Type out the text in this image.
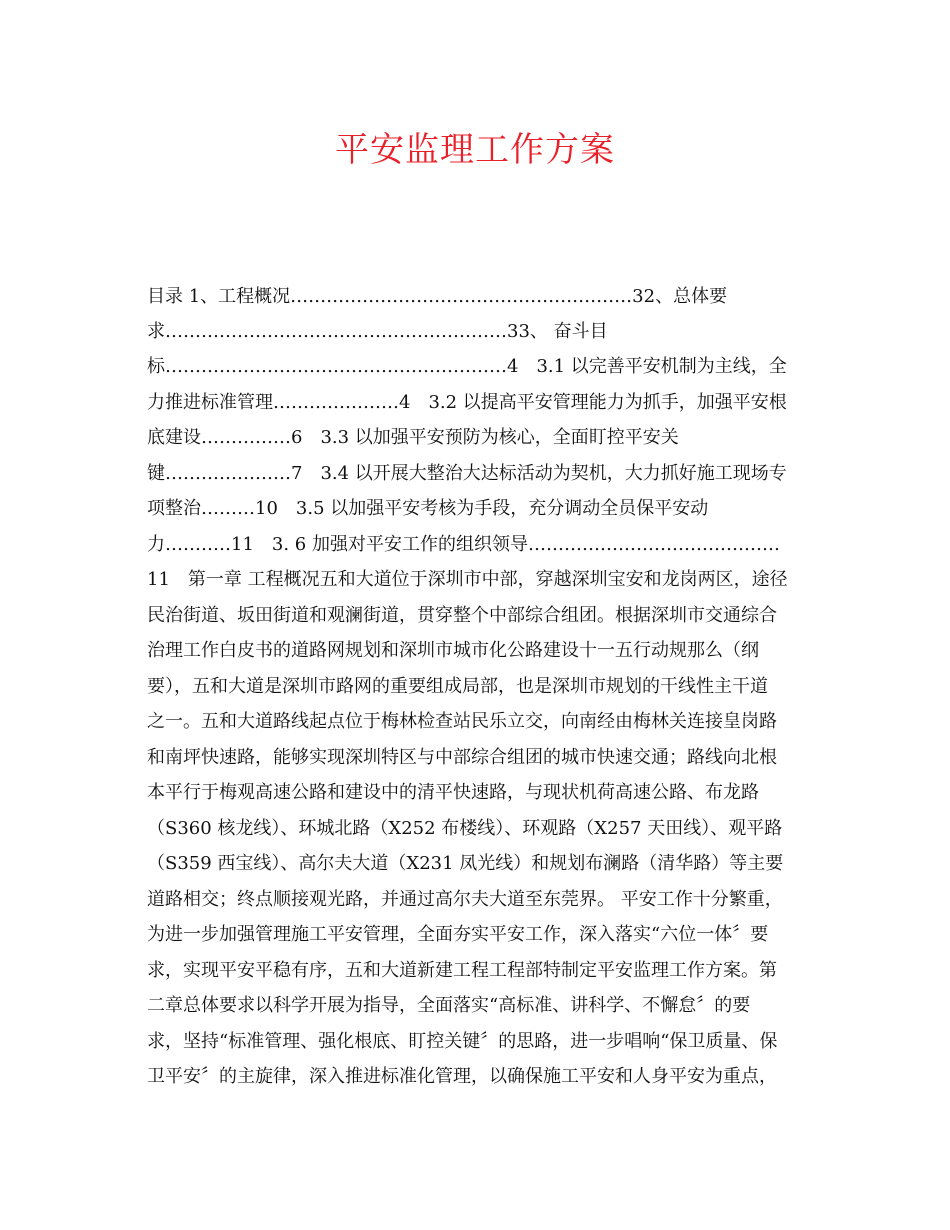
平安监理工作方案
目录 1、工程概况…………………………………………………32、总体要
求…………………………………………………33、 奋斗目
标…………………………………………………4　3.1 以完善平安机制为主线，全
力推进标准管理…………………4　3.2 以提高平安管理能力为抓手，加强平安根
底建设……………6　3.3 以加强平安预防为核心，全面盯控平安关
键…………………7　3.4 以开展大整治大达标活动为契机，大力抓好施工现场专
项整治………10　3.5 以加强平安考核为手段，充分调动全员保平安动
力………‥11　3. 6 加强对平安工作的组织领导……………………………………
11　第一章 工程概况五和大道位于深圳市中部，穿越深圳宝安和龙岗两区，途径
民治街道、坂田街道和观澜街道，贯穿整个中部综合组团。根据深圳市交通综合
治理工作白皮书的道路网规划和深圳市城市化公路建设十一五行动规那么（纲
要），五和大道是深圳市路网的重要组成局部，也是深圳市规划的干线性主干道
之一。五和大道路线起点位于梅林检查站民乐立交，向南经由梅林关连接皇岗路
和南坪快速路，能够实现深圳特区与中部综合组团的城市快速交通；路线向北根
本平行于梅观高速公路和建设中的清平快速路，与现状机荷高速公路、布龙路
（S360 核龙线）、环城北路（X252 布楼线）、环观路（X257 天田线）、观平路
（S359 西宝线）、高尔夫大道（X231 凤光线）和规划布澜路（清华路）等主要
道路相交；终点顺接观光路，并通过高尔夫大道至东莞界。 平安工作十分繁重，
为进一步加强管理施工平安管理，全面夯实平安工作，深入落实“六位一体〞要
求，实现平安平稳有序，五和大道新建工程工程部特制定平安监理工作方案。第
二章总体要求以科学开展为指导，全面落实“高标准、讲科学、不懈怠〞的要
求，坚持“标准管理、强化根底、盯控关键〞的思路，进一步唱响“保卫质量、保
卫平安〞的主旋律，深入推进标准化管理，以确保施工平安和人身平安为重点，
